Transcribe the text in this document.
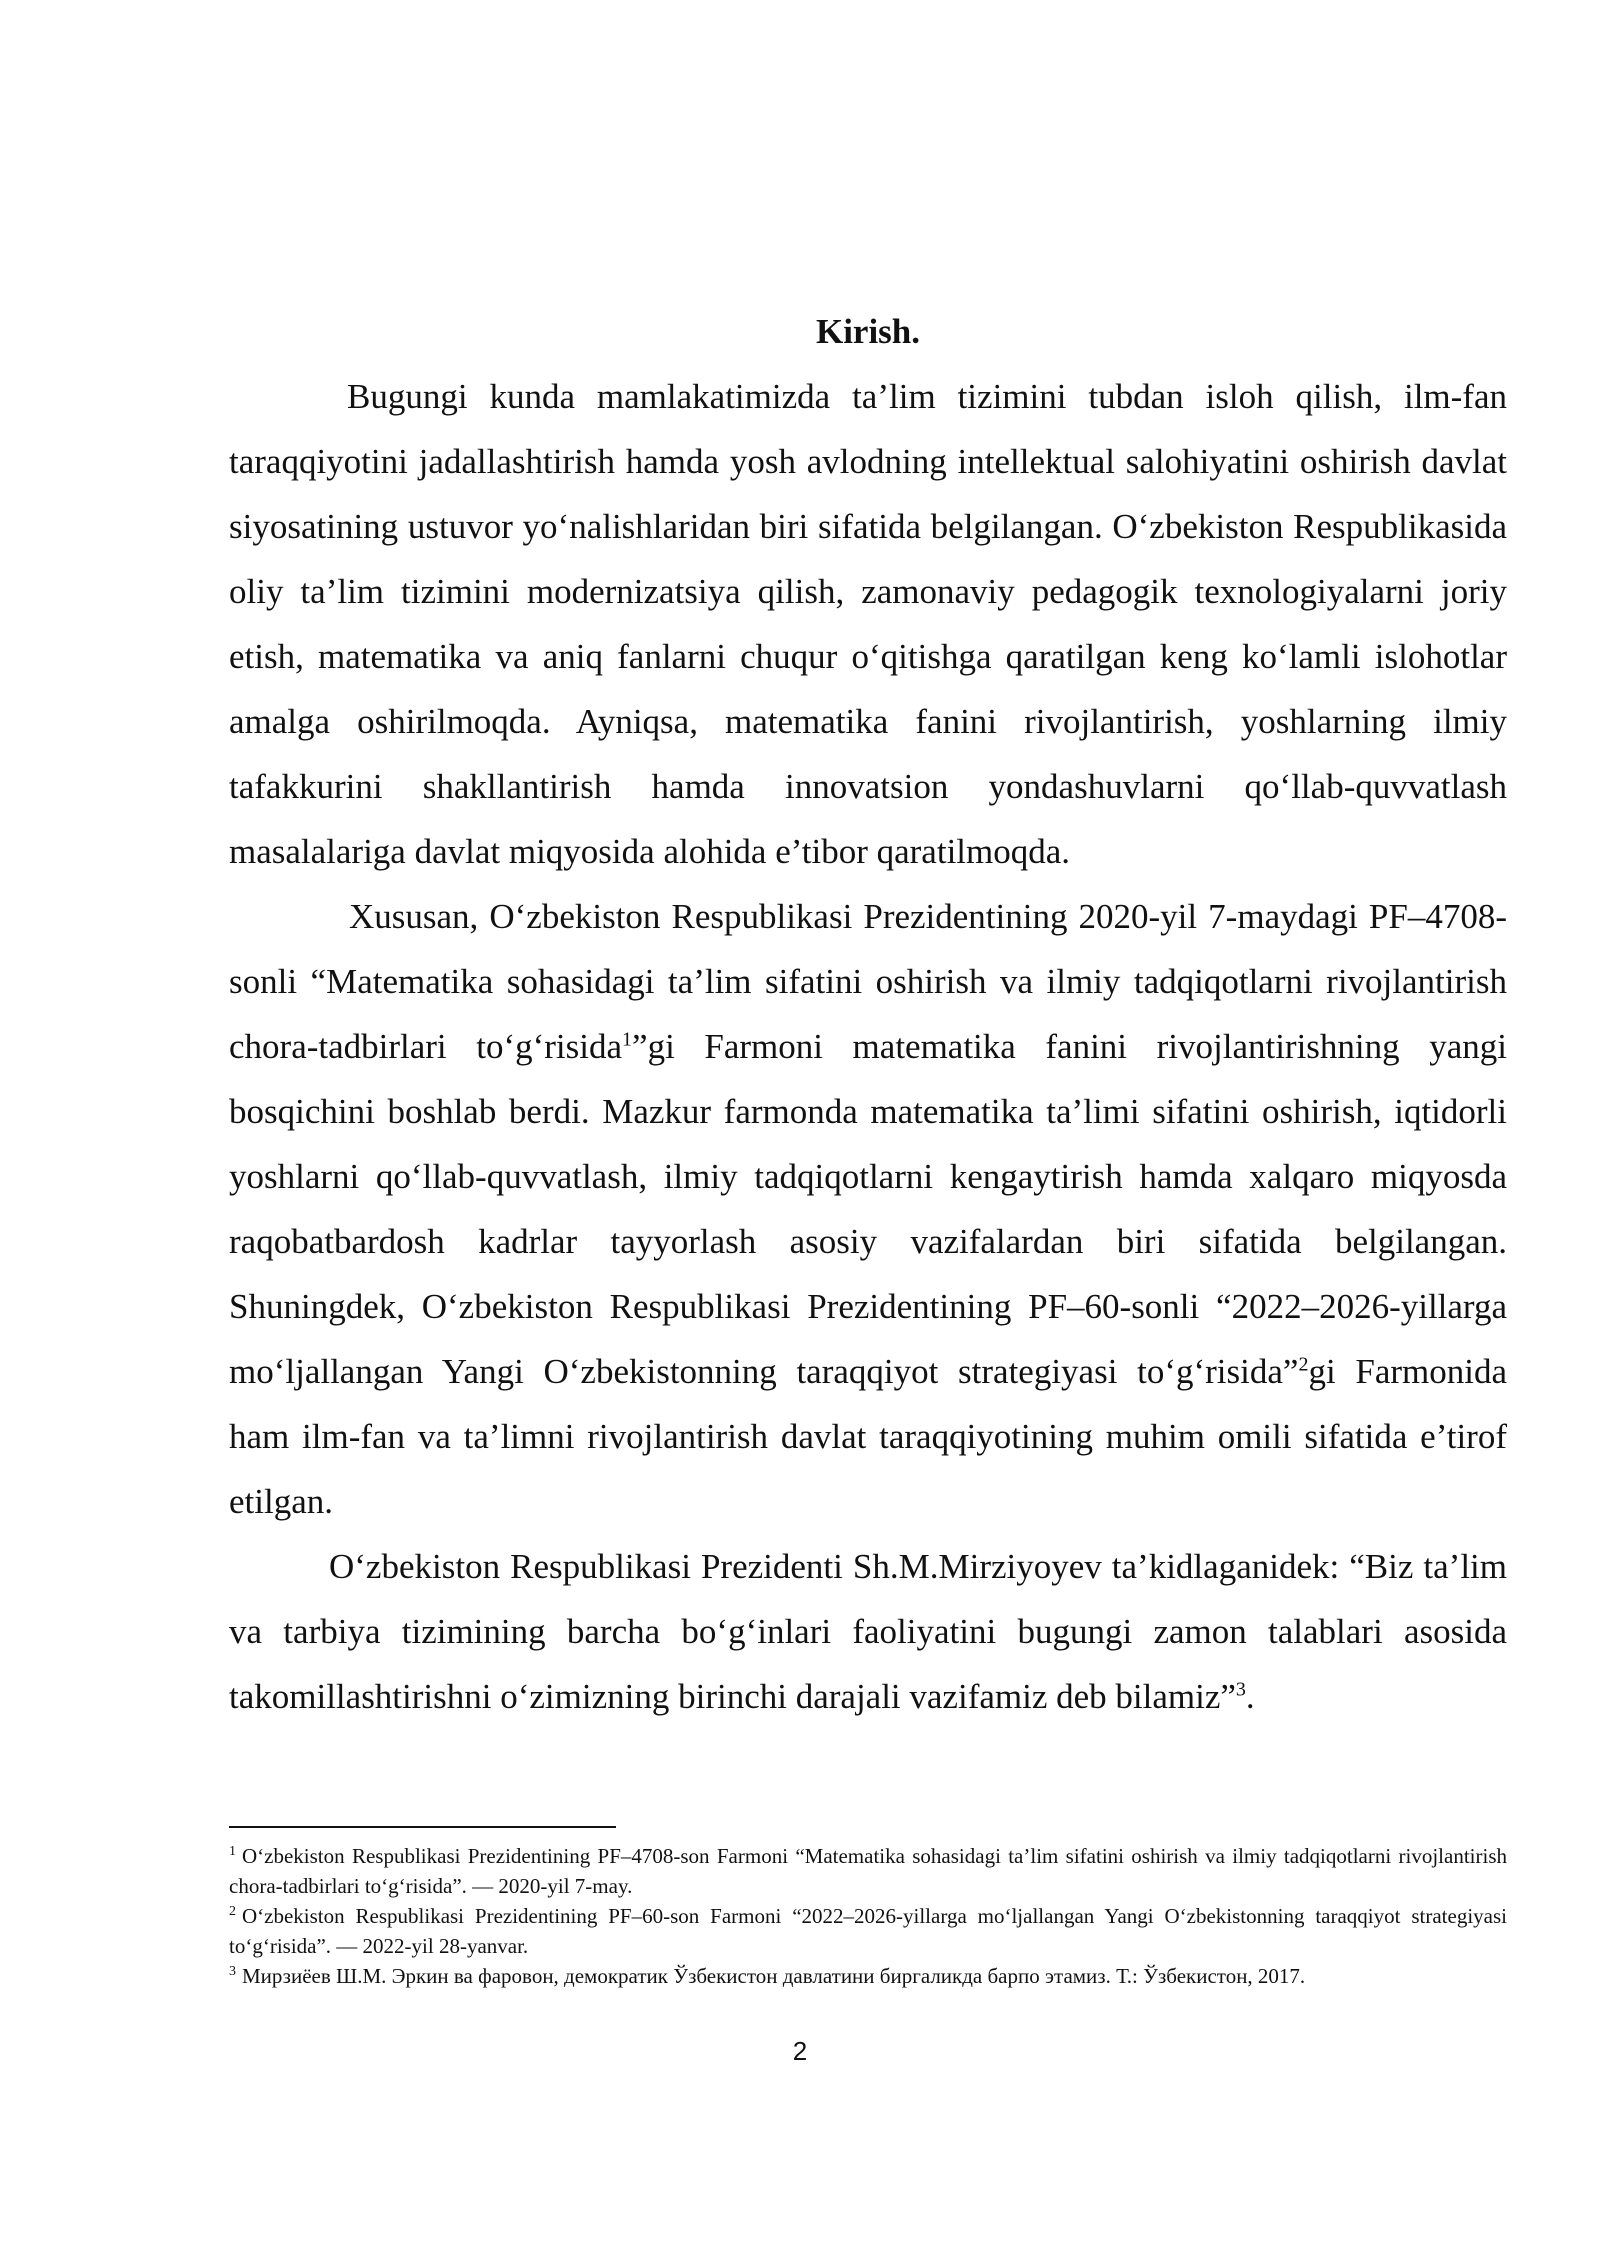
Kirish.

Bugungi kunda mamlakatimizda ta’lim tizimini tubdan isloh qilish, ilm-fan taraqqiyotini jadallashtirish hamda yosh avlodning intellektual salohiyatini oshirish davlat siyosatining ustuvor yo‘nalishlaridan biri sifatida belgilangan. O‘zbekiston Respublikasida oliy ta’lim tizimini modernizatsiya qilish, zamonaviy pedagogik texnologiyalarni joriy etish, matematika va aniq fanlarni chuqur o‘qitishga qaratilgan keng ko‘lamli islohotlar amalga oshirilmoqda. Ayniqsa, matematika fanini rivojlantirish, yoshlarning ilmiy tafakkurini shakllantirish hamda innovatsion yondashuvlarni qo‘llab-quvvatlash masalalariga davlat miqyosida alohida e’tibor qaratilmoqda.

Xususan, O‘zbekiston Respublikasi Prezidentining 2020-yil 7-maydagi PF–4708-sonli “Matematika sohasidagi ta’lim sifatini oshirish va ilmiy tadqiqotlarni rivojlantirish chora-tadbirlari to‘g‘risida$^1$”gi Farmoni matematika fanini rivojlantirishning yangi bosqichini boshlab berdi. Mazkur farmonda matematika ta’limi sifatini oshirish, iqtidorli yoshlarni qo‘llab-quvvatlash, ilmiy tadqiqotlarni kengaytirish hamda xalqaro miqyosda raqobatbardosh kadrlar tayyorlash asosiy vazifalardan biri sifatida belgilangan. Shuningdek, O‘zbekiston Respublikasi Prezidentining PF–60-sonli “2022–2026-yillarga mo‘ljallangan Yangi O‘zbekistonning taraqqiyot strategiyasi to‘g‘risida”$^2$gi Farmonida ham ilm-fan va ta’limni rivojlantirish davlat taraqqiyotining muhim omili sifatida e’tirof etilgan.

O‘zbekiston Respublikasi Prezidenti Sh.M.Mirziyoyev ta’kidlaganidek: “Biz ta’lim va tarbiya tizimining barcha bo‘g‘inlari faoliyatini bugungi zamon talablari asosida takomillashtirishni o‘zimizning birinchi darajali vazifamiz deb bilamiz”$^3$.

$^1$ O‘zbekiston Respublikasi Prezidentining PF–4708-son Farmoni “Matematika sohasidagi ta’lim sifatini oshirish va ilmiy tadqiqotlarni rivojlantirish chora-tadbirlari to‘g‘risida”. — 2020-yil 7-may.

$^2$ O‘zbekiston Respublikasi Prezidentining PF–60-son Farmoni “2022–2026-yillarga mo‘ljallangan Yangi O‘zbekistonning taraqqiyot strategiyasi to‘g‘risida”. — 2022-yil 28-yanvar.

$^3$ Мирзиёев Ш.М. Эркин ва фаровон, демократик Ўзбекистон давлатини биргаликда барпо этамиз. Т.: Ўзбекистон, 2017.

2
